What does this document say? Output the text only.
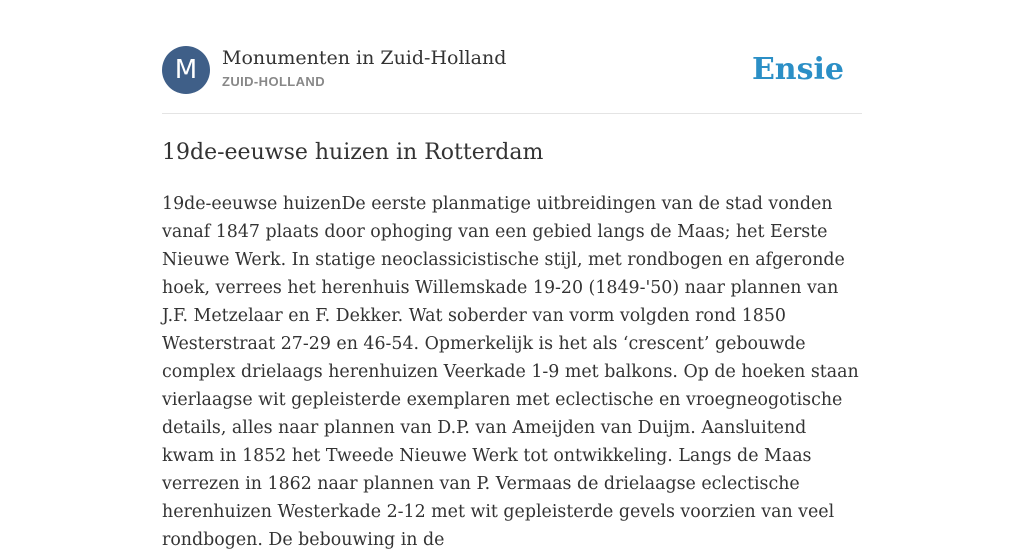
M	Monumenten in Zuid-Holland
ZUID-HOLLAND	Ensie
19de-eeuwse huizen in Rotterdam

19de-eeuwse huizenDe eerste planmatige uitbreidingen van de stad vonden vanaf 1847 plaats door ophoging van een gebied langs de Maas; het Eerste Nieuwe Werk. In statige neoclassicistische stijl, met rondbogen en afgeronde hoek, verrees het herenhuis Willemskade 19-20 (1849-'50) naar plannen van J.F. Metzelaar en F. Dekker. Wat soberder van vorm volgden rond 1850 Westerstraat 27-29 en 46-54. Opmerkelijk is het als ‘crescent’ gebouwde complex drielaags herenhuizen Veerkade 1-9 met balkons. Op de hoeken staan vierlaagse wit gepleisterde exemplaren met eclectische en vroegneogotische details, alles naar plannen van D.P. van Ameijden van Duijm. Aansluitend kwam in 1852 het Tweede Nieuwe Werk tot ontwikkeling. Langs de Maas verrezen in 1862 naar plannen van P. Vermaas de drielaagse eclectische herenhuizen Westerkade 2-12 met wit gepleisterde gevels voorzien van veel rondbogen. De bebouwing in de
